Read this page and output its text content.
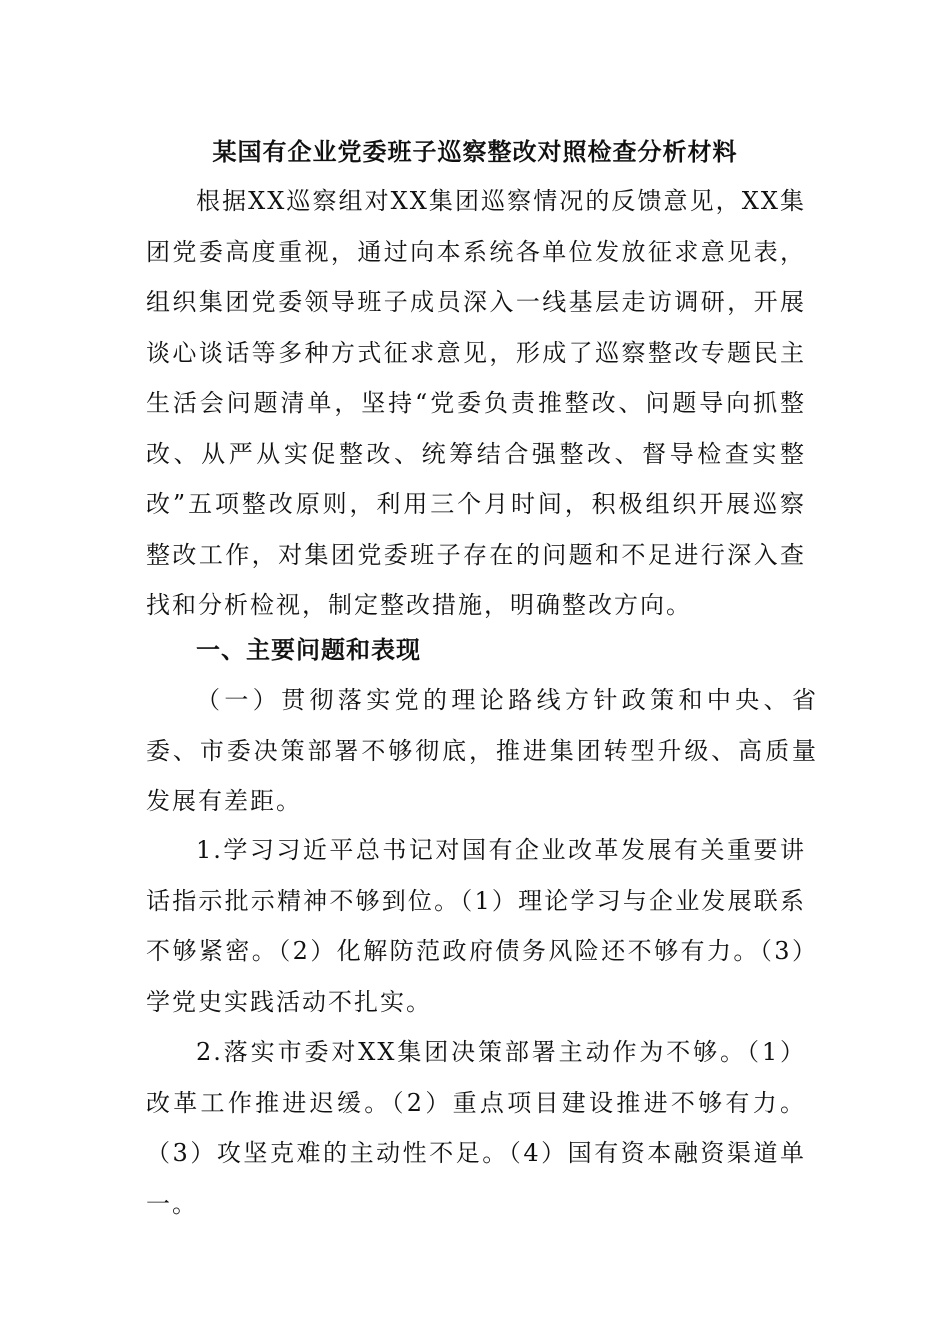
某国有企业党委班子巡察整改对照检查分析材料

根据XX巡察组对XX集团巡察情况的反馈意见，XX集团党委高度重视，通过向本系统各单位发放征求意见表，组织集团党委领导班子成员深入一线基层走访调研，开展谈心谈话等多种方式征求意见，形成了巡察整改专题民主生活会问题清单，坚持“党委负责推整改、问题导向抓整改、从严从实促整改、统筹结合强整改、督导检查实整改”五项整改原则，利用三个月时间，积极组织开展巡察整改工作，对集团党委班子存在的问题和不足进行深入查找和分析检视，制定整改措施，明确整改方向。

一、主要问题和表现

（一）贯彻落实党的理论路线方针政策和中央、省委、市委决策部署不够彻底，推进集团转型升级、高质量发展有差距。

1.学习习近平总书记对国有企业改革发展有关重要讲话指示批示精神不够到位。（1）理论学习与企业发展联系不够紧密。（2）化解防范政府债务风险还不够有力。（3）学党史实践活动不扎实。

2.落实市委对XX集团决策部署主动作为不够。（1）改革工作推进迟缓。（2）重点项目建设推进不够有力。（3）攻坚克难的主动性不足。（4）国有资本融资渠道单一。
